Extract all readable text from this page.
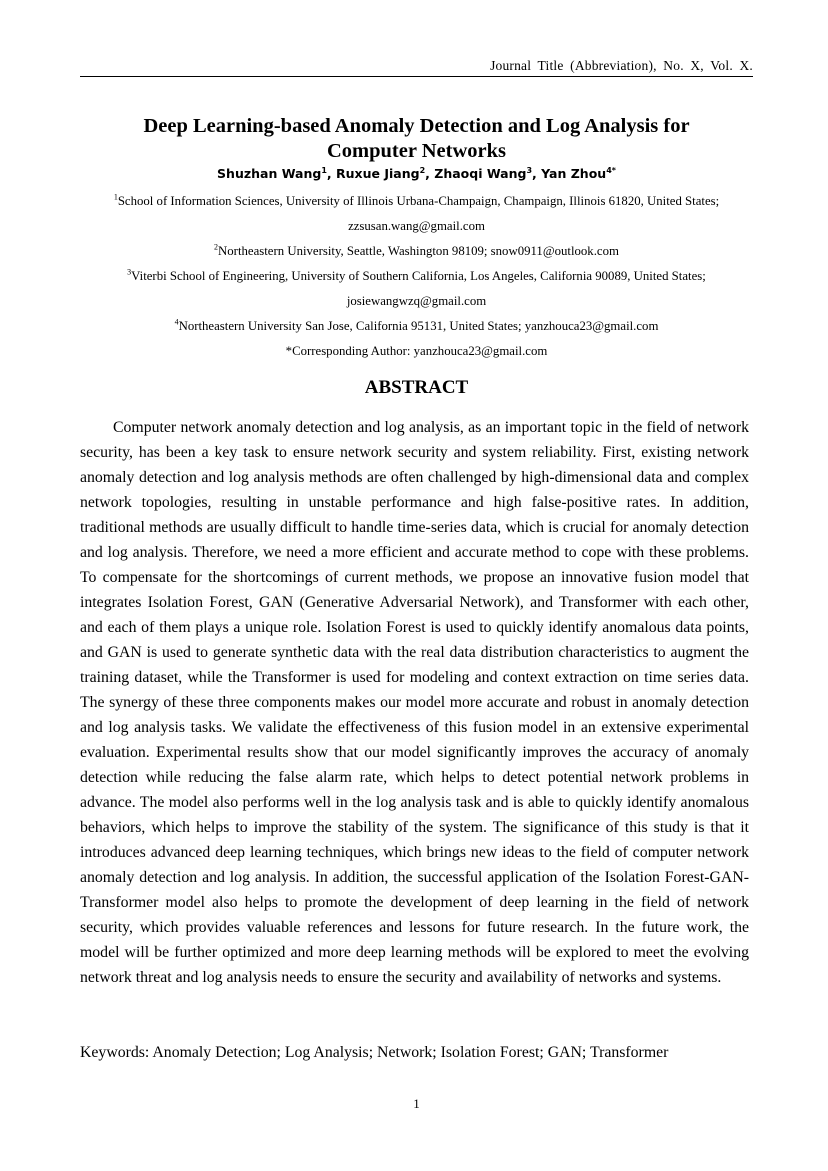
Journal Title (Abbreviation), No. X, Vol. X.
Deep Learning-based Anomaly Detection and Log Analysis for
Computer Networks
Shuzhan Wang$^1$, Ruxue Jiang$^2$, Zhaoqi Wang$^3$, Yan Zhou$^{4*}$
$^1$School of Information Sciences, University of Illinois Urbana-Champaign, Champaign, Illinois 61820, United States;
zzsusan.wang@gmail.com
$^2$Northeastern University, Seattle, Washington 98109; snow0911@outlook.com
$^3$Viterbi School of Engineering, University of Southern California, Los Angeles, California 90089, United States;
josiewangwzq@gmail.com
$^4$Northeastern University San Jose, California 95131, United States; yanzhouca23@gmail.com
*Corresponding Author: yanzhouca23@gmail.com
ABSTRACT

Computer network anomaly detection and log analysis, as an important topic in the field of network security, has been a key task to ensure network security and system reliability. First, existing network anomaly detection and log analysis methods are often challenged by high-dimensional data and complex network topologies, resulting in unstable performance and high false-positive rates. In addition, traditional methods are usually difficult to handle time-series data, which is crucial for anomaly detection and log analysis. Therefore, we need a more efficient and accurate method to cope with these problems. To compensate for the shortcomings of current methods, we propose an innovative fusion model that integrates Isolation Forest, GAN (Generative Adversarial Network), and Transformer with each other, and each of them plays a unique role. Isolation Forest is used to quickly identify anomalous data points, and GAN is used to generate synthetic data with the real data distribution characteristics to augment the training dataset, while the Transformer is used for modeling and context extraction on time series data. The synergy of these three components makes our model more accurate and robust in anomaly detection and log analysis tasks. We validate the effectiveness of this fusion model in an extensive experimental evaluation. Experimental results show that our model significantly improves the accuracy of anomaly detection while reducing the false alarm rate, which helps to detect potential network problems in advance. The model also performs well in the log analysis task and is able to quickly identify anomalous behaviors, which helps to improve the stability of the system. The significance of this study is that it introduces advanced deep learning techniques, which brings new ideas to the field of computer network anomaly detection and log analysis. In addition, the successful application of the Isolation Forest-GAN-Transformer model also helps to promote the development of deep learning in the field of network security, which provides valuable references and lessons for future research. In the future work, the model will be further optimized and more deep learning methods will be explored to meet the evolving network threat and log analysis needs to ensure the security and availability of networks and systems.

Keywords: Anomaly Detection; Log Analysis; Network; Isolation Forest; GAN; Transformer
1
